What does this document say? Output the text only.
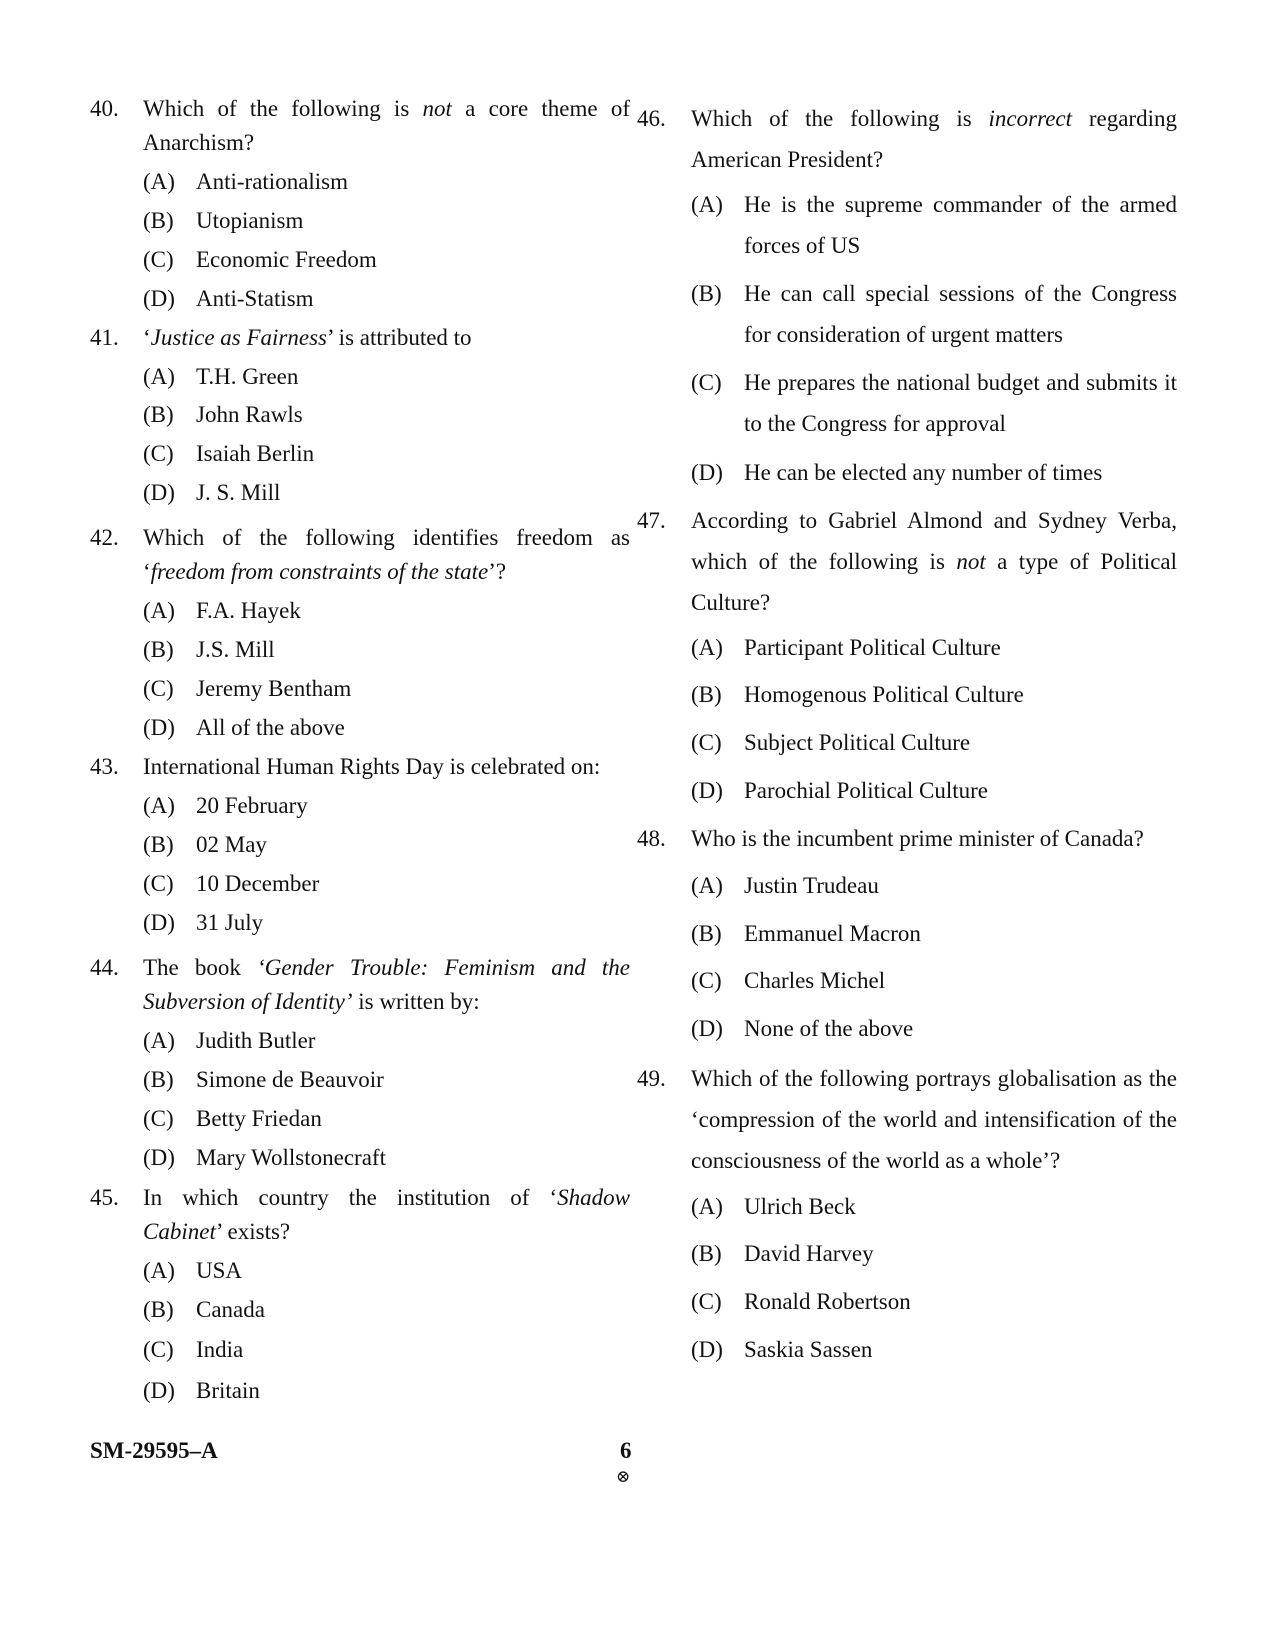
40. Which of the following is not a core theme of Anarchism?
(A) Anti-rationalism
(B) Utopianism
(C) Economic Freedom
(D) Anti-Statism
41. ‘Justice as Fairness’ is attributed to
(A) T.H. Green
(B) John Rawls
(C) Isaiah Berlin
(D) J. S. Mill
42. Which of the following identifies freedom as ‘freedom from constraints of the state’?
(A) F.A. Hayek
(B) J.S. Mill
(C) Jeremy Bentham
(D) All of the above
43. International Human Rights Day is celebrated on:
(A) 20 February
(B) 02 May
(C) 10 December
(D) 31 July
44. The book ‘Gender Trouble: Feminism and the Subversion of Identity’ is written by:
(A) Judith Butler
(B) Simone de Beauvoir
(C) Betty Friedan
(D) Mary Wollstonecraft
45. In which country the institution of ‘Shadow Cabinet’ exists?
(A) USA
(B) Canada
(C) India
(D) Britain
46. Which of the following is incorrect regarding American President?
(A) He is the supreme commander of the armed forces of US
(B) He can call special sessions of the Congress for consideration of urgent matters
(C) He prepares the national budget and submits it to the Congress for approval
(D) He can be elected any number of times
47. According to Gabriel Almond and Sydney Verba, which of the following is not a type of Political Culture?
(A) Participant Political Culture
(B) Homogenous Political Culture
(C) Subject Political Culture
(D) Parochial Political Culture
48. Who is the incumbent prime minister of Canada?
(A) Justin Trudeau
(B) Emmanuel Macron
(C) Charles Michel
(D) None of the above
49. Which of the following portrays globalisation as the ‘compression of the world and intensification of the consciousness of the world as a whole’?
(A) Ulrich Beck
(B) David Harvey
(C) Ronald Robertson
(D) Saskia Sassen
SM-29595–A	6
⊗
